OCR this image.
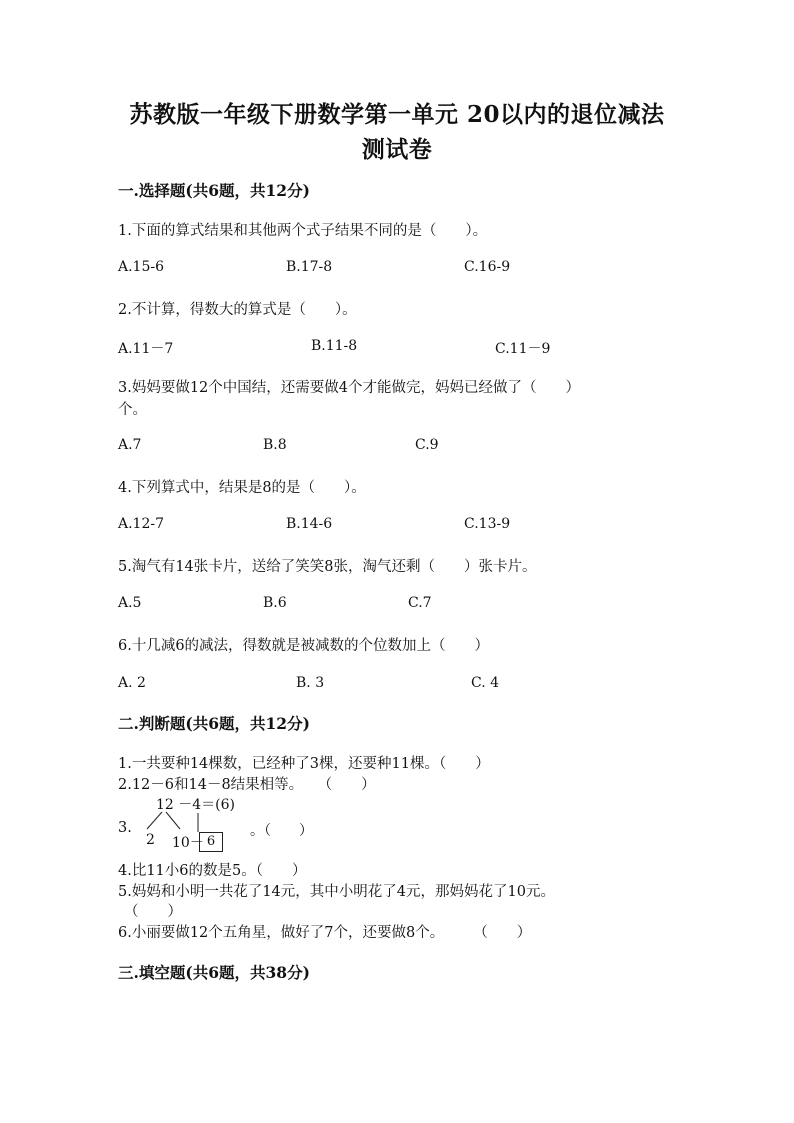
苏教版一年级下册数学第一单元 20以内的退位减法
测试卷
一.选择题(共6题，共12分)
1.下面的算式结果和其他两个式子结果不同的是（　　）。
A.15-6	B.17-8	C.16-9
2.不计算，得数大的算式是（　　）。
A.11－7	B.11-8	C.11－9
3.妈妈要做12个中国结，还需要做4个才能做完，妈妈已经做了（　　）
个。
A.7	B.8	C.9
4.下列算式中，结果是8的是（　　）。
A.12-7	B.14-6	C.13-9
5.淘气有14张卡片，送给了笑笑8张，淘气还剩（　　）张卡片。
A.5	B.6	C.7
6.十几减6的减法，得数就是被减数的个位数加上（　　）
A. 2	B. 3	C. 4
二.判断题(共6题，共12分)
1.一共要种14棵数，已经种了3棵，还要种11棵。（　　）
2.12－6和14－8结果相等。　　（　　）
12 －4＝(6)
3.
2 10－ 6
。（　　）
4.比11小6的数是5。（　　）
5.妈妈和小明一共花了14元，其中小明花了4元，那妈妈花了10元。
（　　）
6.小丽要做12个五角星，做好了7个，还要做8个。　　　（　　）
三.填空题(共6题，共38分)
